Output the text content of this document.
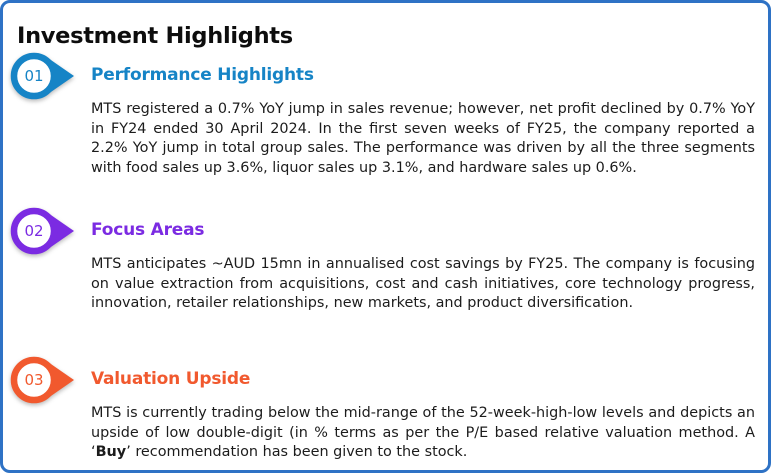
Investment Highlights
01	Performance Highlights

MTS registered a 0.7% YoY jump in sales revenue; however, net profit declined by 0.7% YoY in FY24 ended 30 April 2024. In the first seven weeks of FY25, the company reported a 2.2% YoY jump in total group sales. The performance was driven by all the three segments with food sales up 3.6%, liquor sales up 3.1%, and hardware sales up 0.6%.

02	Focus Areas

MTS anticipates ~AUD 15mn in annualised cost savings by FY25. The company is focusing on value extraction from acquisitions, cost and cash initiatives, core technology progress, innovation, retailer relationships, new markets, and product diversification.

03	Valuation Upside

MTS is currently trading below the mid-range of the 52-week-high-low levels and depicts an upside of low double-digit (in % terms as per the P/E based relative valuation method. A ‘Buy’ recommendation has been given to the stock.
